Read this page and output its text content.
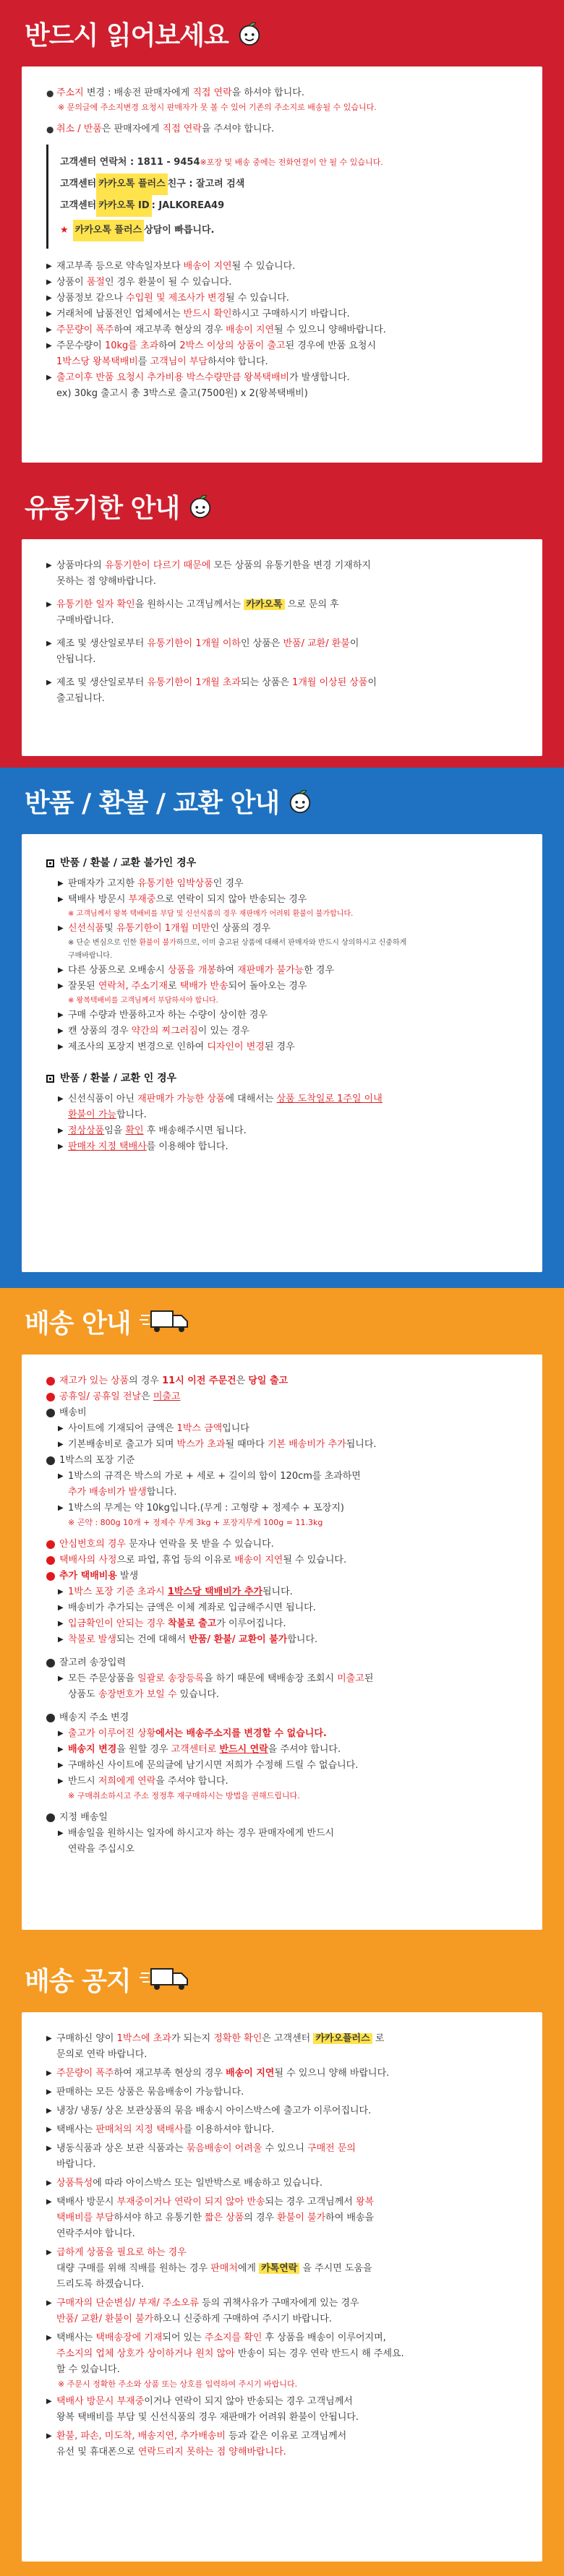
반드시 읽어보세요
● 주소지 변경 : 배송전 판매자에게 직접 연락을 하셔야 합니다.
※ 문의글에 주소지변경 요청시 판매자가 못 볼 수 있어 기존의 주소지로 배송될 수 있습니다.
● 취소 / 반품은 판매자에게 직접 연락을 주셔야 합니다.
고객센터 연락처 : 1811 - 9454 ※포장 및 배송 중에는 전화연결이 안 될 수 있습니다.
고객센터 카카오톡 플러스 친구 : 잘고려 검색
고객센터 카카오톡 ID : JALKOREA49
★ 카카오톡 플러스 상담이 빠릅니다.
▶ 재고부족 등으로 약속일자보다 배송이 지연될 수 있습니다.
▶ 상품이 품절인 경우 환불이 될 수 있습니다.
▶ 상품정보 같으나 수입원 및 제조사가 변경될 수 있습니다.
▶ 거래처에 납품전인 업체에서는 반드시 확인하시고 구매하시기 바랍니다.
▶ 주문량이 폭주하여 재고부족 현상의 경우 배송이 지연될 수 있으니 양해바랍니다.
▶ 주문수량이 10kg를 초과하여 2박스 이상의 상품이 출고된 경우에 반품 요청시
1박스당 왕복택배비를 고객님이 부담하셔야 합니다.
▶ 출고이후 반품 요청시 추가비용 박스수량만큼 왕복택배비가 발생합니다.
ex) 30kg 출고시 총 3박스로 출고(7500원) x 2(왕복택배비)
유통기한 안내
▶ 상품마다의 유통기한이 다르기 때문에 모든 상품의 유통기한을 변경 기재하지
못하는 점 양해바랍니다.
▶ 유통기한 일자 확인을 원하시는 고객님께서는 카카오톡 으로 문의 후
구매바랍니다.
▶ 제조 및 생산일로부터 유통기한이 1개월 이하인 상품은 반품/ 교환/ 환불이
안됩니다.
▶ 제조 및 생산일로부터 유통기한이 1개월 초과되는 상품은 1개월 이상된 상품이
출고됩니다.
반품 / 환불 / 교환 안내
반품 / 환불 / 교환 불가인 경우
▶ 판매자가 고지한 유통기한 임박상품인 경우
▶ 택배사 방문시 부재중으로 연락이 되지 않아 반송되는 경우
※ 고객님께서 왕복 택배비를 부담 및 신선식품의 경우 재판매가 어려워 환불이 불가합니다.
▶ 신선식품및 유통기한이 1개월 미만인 상품의 경우
※ 단순 변심으로 인한 환불이 불가하므로, 이미 출고된 상품에 대해서 판매자와 반드시 상의하시고 신중하게
구매바랍니다.
▶ 다른 상품으로 오배송시 상품을 개봉하여 재판매가 불가능한 경우
▶ 잘못된 연락처, 주소기재로 택배가 반송되어 돌아오는 경우
※ 왕복택배비를 고객님께서 부담하셔야 합니다.
▶ 구매 수량과 반품하고자 하는 수량이 상이한 경우
▶ 캔 상품의 경우 약간의 찌그러짐이 있는 경우
▶ 제조사의 포장지 변경으로 인하여 디자인이 변경된 경우
반품 / 환불 / 교환 인 경우
▶ 신선식품이 아닌 재판매가 가능한 상품에 대해서는 상품 도착일로 1주일 이내
환불이 가능합니다.
▶ 정상상품임을 확인 후 배송해주시면 됩니다.
▶ 판매자 지정 택배사를 이용해야 합니다.
배송 안내
재고가 있는 상품의 경우 11시 이전 주문건은 당일 출고
공휴일/ 공휴일 전날은 미출고
배송비
▶ 사이트에 기재되어 금액은 1박스 금액입니다
▶ 기본배송비로 출고가 되며 박스가 초과될 때마다 기본 배송비가 추가됩니다.
1박스의 포장 기준
▶ 1박스의 규격은 박스의 가로 + 세로 + 길이의 합이 120cm를 초과하면
추가 배송비가 발생합니다.
▶ 1박스의 무게는 약 10kg입니다.(무게 : 고형량 + 정제수 + 포장지)
※ 곤약 : 800g 10개 + 정제수 무게 3kg + 포장지무게 100g = 11.3kg
안심번호의 경우 문자나 연락을 못 받을 수 있습니다.
택배사의 사정으로 파업, 휴업 등의 이유로 배송이 지연될 수 있습니다.
추가 택배비용 발생
▶ 1박스 포장 기준 초과시 1박스당 택배비가 추가됩니다.
▶ 배송비가 추가되는 금액은 이체 계좌로 입금해주시면 됩니다.
▶ 입금확인이 안되는 경우 착불로 출고가 이루어집니다.
▶ 착불로 발생되는 건에 대해서 반품/ 환불/ 교환이 불가합니다.
잘고려 송장입력
▶ 모든 주문상품을 일괄로 송장등록을 하기 때문에 택배송장 조회시 미출고된
상품도 송장번호가 보일 수 있습니다.
배송지 주소 변경
▶ 출고가 이루어진 상황에서는 배송주소지를 변경할 수 없습니다.
▶ 배송지 변경을 원할 경우 고객센터로 반드시 연락을 주셔야 합니다.
▶ 구매하신 사이트에 문의글에 남기시면 저희가 수정해 드릴 수 없습니다.
▶ 반드시 저희에게 연락을 주셔야 합니다.
※ 구매취소하시고 주소 정정후 재구매하시는 방법을 권해드립니다.
지정 배송일
▶ 배송일을 원하시는 일자에 하시고자 하는 경우 판매자에게 반드시
연락을 주십시오
배송 공지
▶ 구매하신 양이 1박스에 초과가 되는지 정확한 확인은 고객센터 카카오플러스 로
문의로 연락 바랍니다.
▶ 주문량이 폭주하여 재고부족 현상의 경우 배송이 지연될 수 있으니 양해 바랍니다.
▶ 판매하는 모든 상품은 묶음배송이 가능합니다.
▶ 냉장/ 냉동/ 상온 보관상품의 묶음 배송시 아이스박스에 출고가 이루어집니다.
▶ 택배사는 판매처의 지정 택배사를 이용하셔야 합니다.
▶ 냉동식품과 상온 보관 식품과는 묶음배송이 어려울 수 있으니 구매전 문의
바랍니다.
▶ 상품특성에 따라 아이스박스 또는 일반박스로 배송하고 있습니다.
▶ 택배사 방문시 부재중이거나 연락이 되지 않아 반송되는 경우 고객님께서 왕복
택배비를 부담하셔야 하고 유통기한 짧은 상품의 경우 환불이 불가하여 배송을
연락주셔야 합니다.
▶ 급하게 상품을 필요로 하는 경우
대량 구매를 위해 직배를 원하는 경우 판매처에게 카톡연락 을 주시면 도움을
드리도록 하겠습니다.
▶ 구매자의 단순변심/ 부재/ 주소오류 등의 귀책사유가 구매자에게 있는 경우
반품/ 교환/ 환불이 불가하오니 신중하게 구매하여 주시기 바랍니다.
▶ 택배사는 택배송장에 기재되어 있는 주소지를 확인 후 상품을 배송이 이루어지며,
주소지의 업체 상호가 상이하거나 원치 않아 반송이 되는 경우 연락 반드시 해 주세요.
할 수 있습니다.
※ 주문시 정확한 주소와 상품 또는 상호를 입력하여 주시기 바랍니다.
▶ 택배사 방문시 부재중이거나 연락이 되지 않아 반송되는 경우 고객님께서
왕복 택배비를 부담 및 신선식품의 경우 재판매가 어려워 환불이 안됩니다.
▶ 환불, 파손, 미도착, 배송지연, 추가배송비 등과 같은 이유로 고객님께서
유선 및 휴대폰으로 연락드리지 못하는 점 양해바랍니다.
